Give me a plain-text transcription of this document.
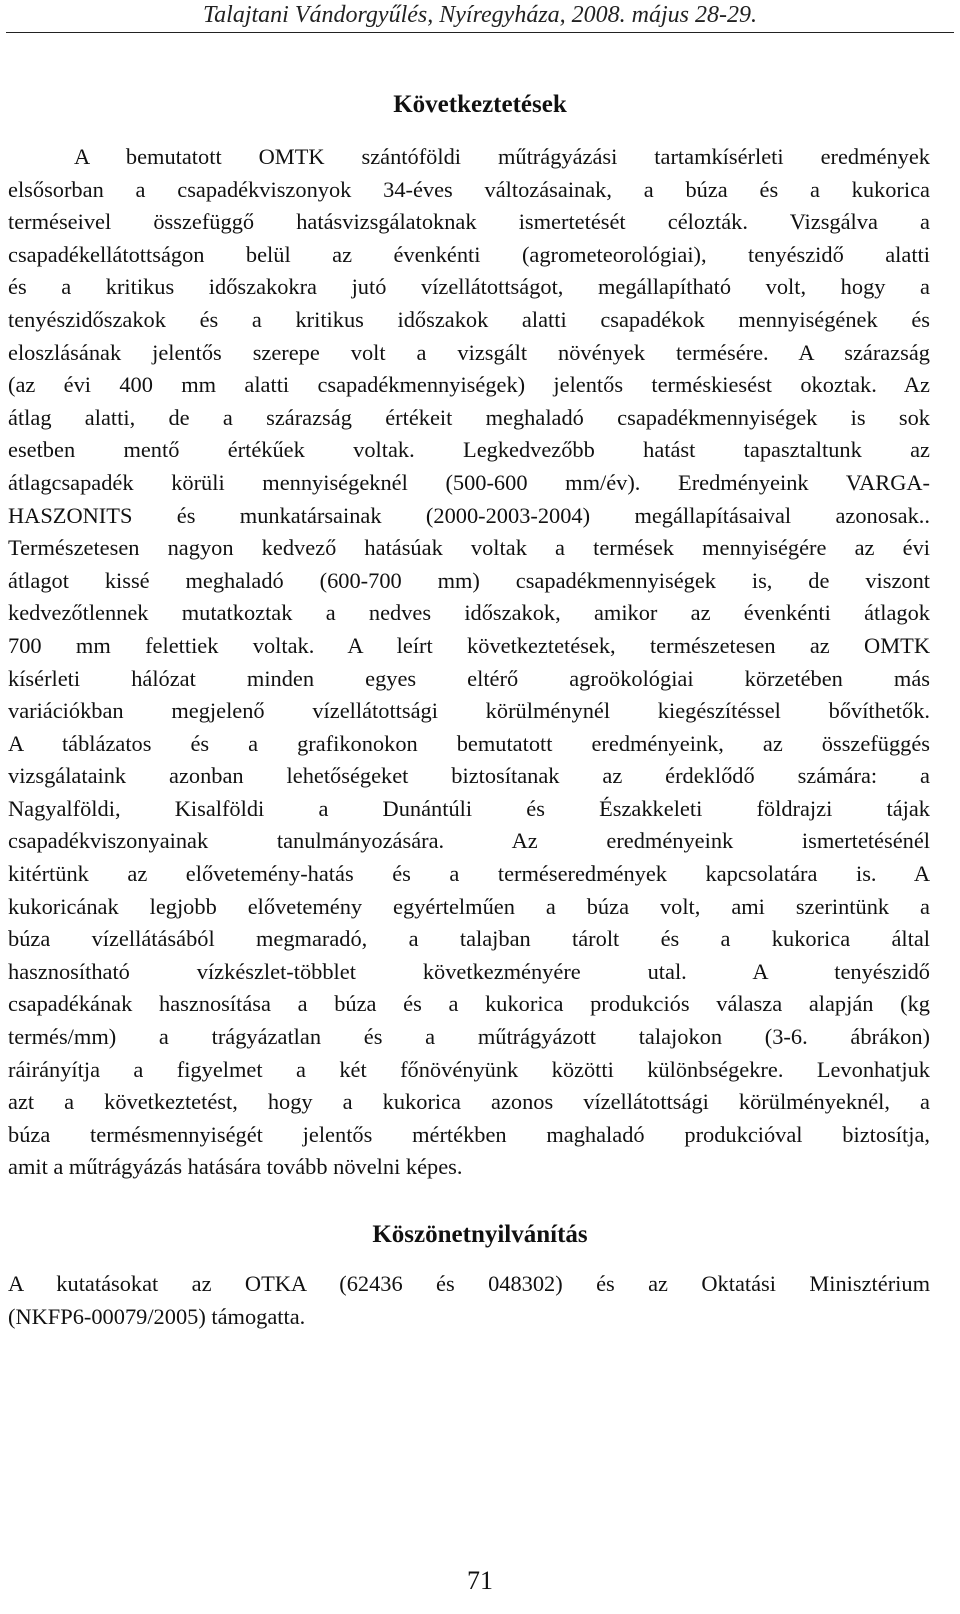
Talajtani Vándorgyűlés, Nyíregyháza, 2008. május 28-29.
Következtetések
A bemutatott OMTK szántóföldi műtrágyázási tartamkísérleti eredmények
elsősorban a csapadékviszonyok 34-éves változásainak, a búza és a kukorica
terméseivel összefüggő hatásvizsgálatoknak ismertetését célozták. Vizsgálva a
csapadékellátottságon belül az évenkénti (agrometeorológiai), tenyészidő alatti
és a kritikus időszakokra jutó vízellátottságot, megállapítható volt, hogy a
tenyészidőszakok és a kritikus időszakok alatti csapadékok mennyiségének és
eloszlásának jelentős szerepe volt a vizsgált növények termésére. A szárazság
(az évi 400 mm alatti csapadékmennyiségek) jelentős terméskiesést okoztak. Az
átlag alatti, de a szárazság értékeit meghaladó csapadékmennyiségek is sok
esetben mentő értékűek voltak. Legkedvezőbb hatást tapasztaltunk az
átlagcsapadék körüli mennyiségeknél (500-600 mm/év). Eredményeink VARGA-
HASZONITS és munkatársainak (2000-2003-2004) megállapításaival azonosak..
Természetesen nagyon kedvező hatásúak voltak a termések mennyiségére az évi
átlagot kissé meghaladó (600-700 mm) csapadékmennyiségek is, de viszont
kedvezőtlennek mutatkoztak a nedves időszakok, amikor az évenkénti átlagok
700 mm felettiek voltak. A leírt következtetések, természetesen az OMTK
kísérleti hálózat minden egyes eltérő agroökológiai körzetében más
variációkban megjelenő vízellátottsági körülménynél kiegészítéssel bővíthetők.
A táblázatos és a grafikonokon bemutatott eredményeink, az összefüggés
vizsgálataink azonban lehetőségeket biztosítanak az érdeklődő számára: a
Nagyalföldi, Kisalföldi a Dunántúli és Északkeleti földrajzi tájak
csapadékviszonyainak tanulmányozására. Az eredményeink ismertetésénél
kitértünk az elővetemény-hatás és a terméseredmények kapcsolatára is. A
kukoricának legjobb elővetemény egyértelműen a búza volt, ami szerintünk a
búza vízellátásából megmaradó, a talajban tárolt és a kukorica által
hasznosítható vízkészlet-többlet következményére utal. A tenyészidő
csapadékának hasznosítása a búza és a kukorica produkciós válasza alapján (kg
termés/mm) a trágyázatlan és a műtrágyázott talajokon (3-6. ábrákon)
ráirányítja a figyelmet a két főnövényünk közötti különbségekre. Levonhatjuk
azt a következtetést, hogy a kukorica azonos vízellátottsági körülményeknél, a
búza termésmennyiségét jelentős mértékben maghaladó produkcióval biztosítja,
amit a műtrágyázás hatására tovább növelni képes.
Köszönetnyilvánítás
A kutatásokat az OTKA (62436 és 048302) és az Oktatási Minisztérium
(NKFP6-00079/2005) támogatta.
71
